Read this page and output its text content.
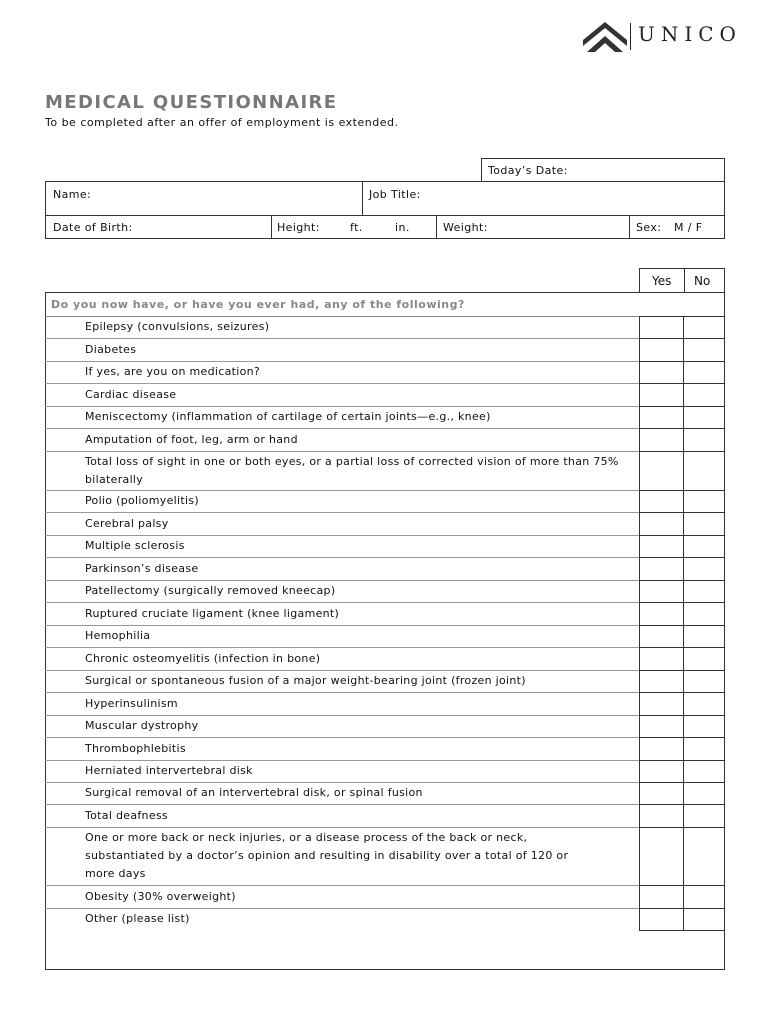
UNICO
MEDICAL QUESTIONNAIRE
To be completed after an offer of employment is extended.
Today’s Date:
Name:	Job Title:
Date of Birth:	Height:	ft.	in.	Weight:	Sex: M / F
Yes No
Do you now have, or have you ever had, any of the following?
Epilepsy (convulsions, seizures)
Diabetes
If yes, are you on medication?
Cardiac disease
Meniscectomy (inflammation of cartilage of certain joints—e.g., knee)
Amputation of foot, leg, arm or hand
Total loss of sight in one or both eyes, or a partial loss of corrected vision of more than 75%
bilaterally
Polio (poliomyelitis)
Cerebral palsy
Multiple sclerosis
Parkinson’s disease
Patellectomy (surgically removed kneecap)
Ruptured cruciate ligament (knee ligament)
Hemophilia
Chronic osteomyelitis (infection in bone)
Surgical or spontaneous fusion of a major weight-bearing joint (frozen joint)
Hyperinsulinism
Muscular dystrophy
Thrombophlebitis
Herniated intervertebral disk
Surgical removal of an intervertebral disk, or spinal fusion
Total deafness
One or more back or neck injuries, or a disease process of the back or neck,
substantiated by a doctor’s opinion and resulting in disability over a total of 120 or
more days
Obesity (30% overweight)
Other (please list)
